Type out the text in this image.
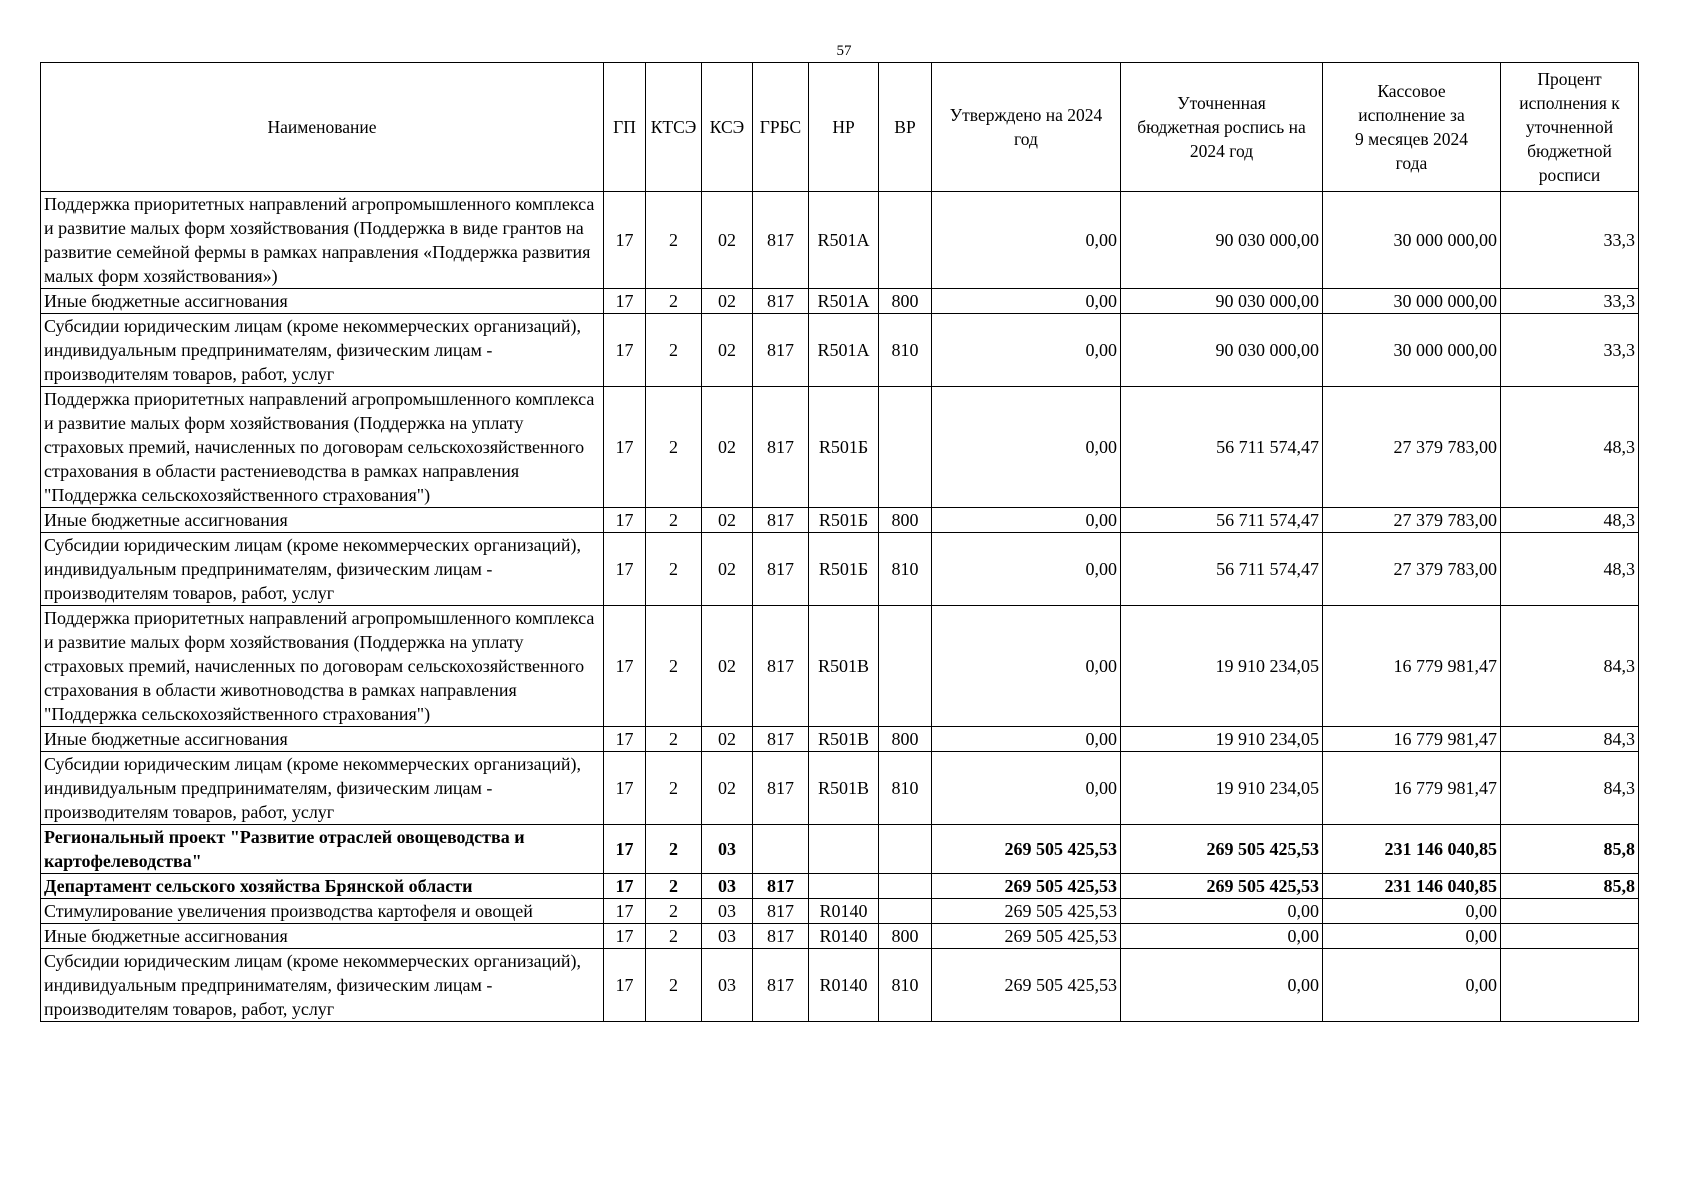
57
Наименование	ГП	КТСЭ	КСЭ	ГРБС	НР	ВР	Утверждено на 2024 год	Уточненная бюджетная роспись на 2024 год	Кассовое исполнение за 9 месяцев 2024 года	Процент исполнения к уточненной бюджетной росписи
Поддержка приоритетных направлений агропромышленного комплекса и развитие малых форм хозяйствования (Поддержка в виде грантов на развитие семейной фермы в рамках направления «Поддержка развития малых форм хозяйствования»)	17	2	02	817	R501А		0,00	90 030 000,00	30 000 000,00	33,3
Иные бюджетные ассигнования	17	2	02	817	R501А	800	0,00	90 030 000,00	30 000 000,00	33,3
Субсидии юридическим лицам (кроме некоммерческих организаций), индивидуальным предпринимателям, физическим лицам - производителям товаров, работ, услуг	17	2	02	817	R501А	810	0,00	90 030 000,00	30 000 000,00	33,3
Поддержка приоритетных направлений агропромышленного комплекса и развитие малых форм хозяйствования (Поддержка на уплату страховых премий, начисленных по договорам сельскохозяйственного страхования в области растениеводства в рамках направления "Поддержка сельскохозяйственного страхования")	17	2	02	817	R501Б		0,00	56 711 574,47	27 379 783,00	48,3
Иные бюджетные ассигнования	17	2	02	817	R501Б	800	0,00	56 711 574,47	27 379 783,00	48,3
Субсидии юридическим лицам (кроме некоммерческих организаций), индивидуальным предпринимателям, физическим лицам - производителям товаров, работ, услуг	17	2	02	817	R501Б	810	0,00	56 711 574,47	27 379 783,00	48,3
Поддержка приоритетных направлений агропромышленного комплекса и развитие малых форм хозяйствования (Поддержка на уплату страховых премий, начисленных по договорам сельскохозяйственного страхования в области животноводства в рамках направления "Поддержка сельскохозяйственного страхования")	17	2	02	817	R501В		0,00	19 910 234,05	16 779 981,47	84,3
Иные бюджетные ассигнования	17	2	02	817	R501В	800	0,00	19 910 234,05	16 779 981,47	84,3
Субсидии юридическим лицам (кроме некоммерческих организаций), индивидуальным предпринимателям, физическим лицам - производителям товаров, работ, услуг	17	2	02	817	R501В	810	0,00	19 910 234,05	16 779 981,47	84,3
Региональный проект "Развитие отраслей овощеводства и картофелеводства"	17	2	03				269 505 425,53	269 505 425,53	231 146 040,85	85,8
Департамент сельского хозяйства Брянской области	17	2	03	817			269 505 425,53	269 505 425,53	231 146 040,85	85,8
Стимулирование увеличения производства картофеля и овощей	17	2	03	817	R0140		269 505 425,53	0,00	0,00	
Иные бюджетные ассигнования	17	2	03	817	R0140	800	269 505 425,53	0,00	0,00	
Субсидии юридическим лицам (кроме некоммерческих организаций), индивидуальным предпринимателям, физическим лицам - производителям товаров, работ, услуг	17	2	03	817	R0140	810	269 505 425,53	0,00	0,00	
